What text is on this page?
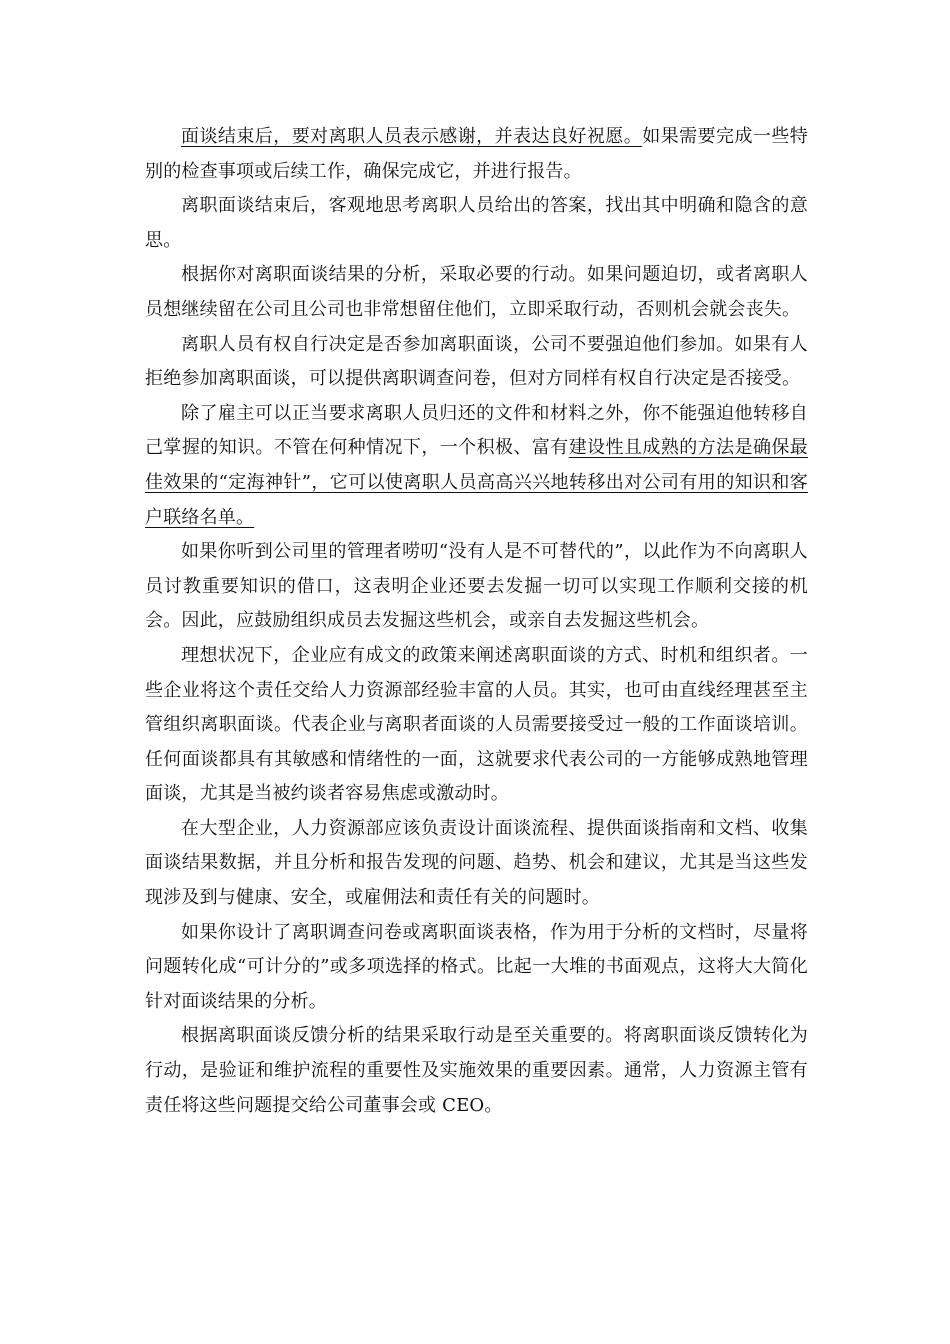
面谈结束后，要对离职人员表示感谢，并表达良好祝愿。如果需要完成一些特别的检查事项或后续工作，确保完成它，并进行报告。

离职面谈结束后，客观地思考离职人员给出的答案，找出其中明确和隐含的意思。

根据你对离职面谈结果的分析，采取必要的行动。如果问题迫切，或者离职人员想继续留在公司且公司也非常想留住他们，立即采取行动，否则机会就会丧失。

离职人员有权自行决定是否参加离职面谈，公司不要强迫他们参加。如果有人拒绝参加离职面谈，可以提供离职调查问卷，但对方同样有权自行决定是否接受。

除了雇主可以正当要求离职人员归还的文件和材料之外，你不能强迫他转移自己掌握的知识。不管在何种情况下，一个积极、富有建设性且成熟的方法是确保最佳效果的“定海神针”，它可以使离职人员高高兴兴地转移出对公司有用的知识和客户联络名单。

如果你听到公司里的管理者唠叨“没有人是不可替代的”，以此作为不向离职人员讨教重要知识的借口，这表明企业还要去发掘一切可以实现工作顺利交接的机会。因此，应鼓励组织成员去发掘这些机会，或亲自去发掘这些机会。

理想状况下，企业应有成文的政策来阐述离职面谈的方式、时机和组织者。一些企业将这个责任交给人力资源部经验丰富的人员。其实，也可由直线经理甚至主管组织离职面谈。代表企业与离职者面谈的人员需要接受过一般的工作面谈培训。任何面谈都具有其敏感和情绪性的一面，这就要求代表公司的一方能够成熟地管理面谈，尤其是当被约谈者容易焦虑或激动时。

在大型企业，人力资源部应该负责设计面谈流程、提供面谈指南和文档、收集面谈结果数据，并且分析和报告发现的问题、趋势、机会和建议，尤其是当这些发现涉及到与健康、安全，或雇佣法和责任有关的问题时。

如果你设计了离职调查问卷或离职面谈表格，作为用于分析的文档时，尽量将问题转化成“可计分的”或多项选择的格式。比起一大堆的书面观点，这将大大简化针对面谈结果的分析。

根据离职面谈反馈分析的结果采取行动是至关重要的。将离职面谈反馈转化为行动，是验证和维护流程的重要性及实施效果的重要因素。通常，人力资源主管有责任将这些问题提交给公司董事会或 CEO。
